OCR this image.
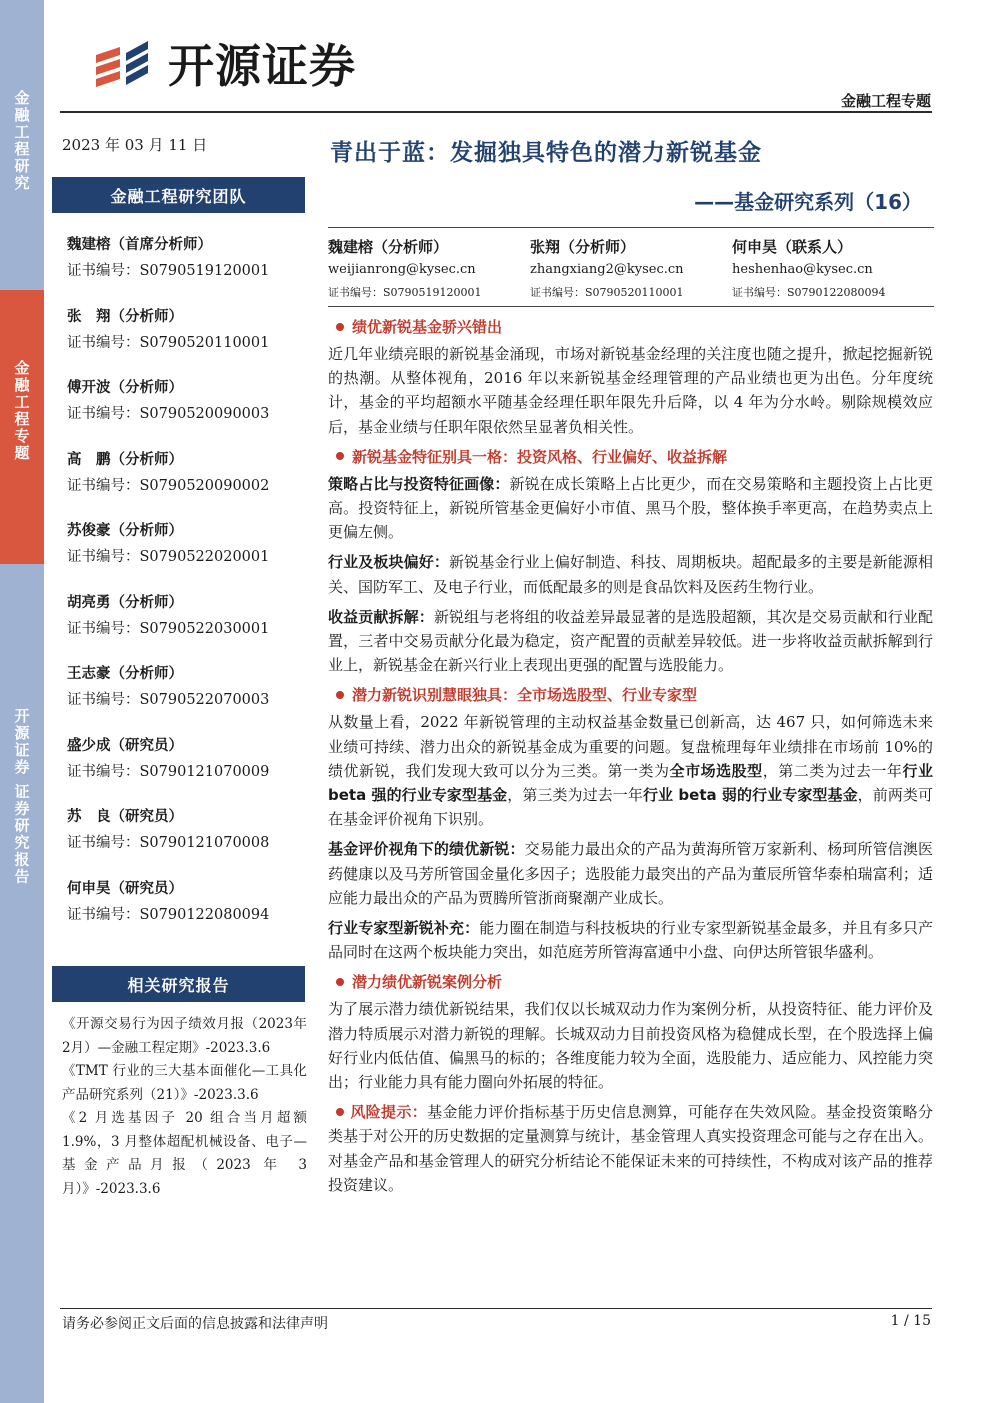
金融工程研究
金融工程专题
开源证券 证券研究报告
开源证券
金融工程专题
2023 年 03 月 11 日
金融工程研究团队
魏建榕（首席分析师）
证书编号：S0790519120001
张　翔（分析师）
证书编号：S0790520110001
傅开波（分析师）
证书编号：S0790520090003
高　鹏（分析师）
证书编号：S0790520090002
苏俊豪（分析师）
证书编号：S0790522020001
胡亮勇（分析师）
证书编号：S0790522030001
王志豪（分析师）
证书编号：S0790522070003
盛少成（研究员）
证书编号：S0790121070009
苏　良（研究员）
证书编号：S0790121070008
何申昊（研究员）
证书编号：S0790122080094
相关研究报告
《开源交易行为因子绩效月报（2023年2月）—金融工程定期》-2023.3.6
《TMT 行业的三大基本面催化—工具化产品研究系列（21）》-2023.3.6
《2 月选基因子 20 组合当月超额1.9%，3 月整体超配机械设备、电子—基金产品月报（2023 年 3 月）》-2023.3.6
青出于蓝：发掘独具特色的潜力新锐基金
——基金研究系列（16）
魏建榕（分析师）
weijianrong@kysec.cn
证书编号：S0790519120001
张翔（分析师）
zhangxiang2@kysec.cn
证书编号：S0790520110001
何申昊（联系人）
heshenhao@kysec.cn
证书编号：S0790122080094
绩优新锐基金骄兴错出
近几年业绩亮眼的新锐基金涌现，市场对新锐基金经理的关注度也随之提升，掀起挖掘新锐的热潮。从整体视角，2016 年以来新锐基金经理管理的产品业绩也更为出色。分年度统计，基金的平均超额水平随基金经理任职年限先升后降，以 4 年为分水岭。剔除规模效应后，基金业绩与任职年限依然呈显著负相关性。
新锐基金特征别具一格：投资风格、行业偏好、收益拆解
策略占比与投资特征画像：新锐在成长策略上占比更少，而在交易策略和主题投资上占比更高。投资特征上，新锐所管基金更偏好小市值、黑马个股，整体换手率更高，在趋势卖点上更偏左侧。
行业及板块偏好：新锐基金行业上偏好制造、科技、周期板块。超配最多的主要是新能源相关、国防军工、及电子行业，而低配最多的则是食品饮料及医药生物行业。
收益贡献拆解：新锐组与老将组的收益差异最显著的是选股超额，其次是交易贡献和行业配置，三者中交易贡献分化最为稳定，资产配置的贡献差异较低。进一步将收益贡献拆解到行业上，新锐基金在新兴行业上表现出更强的配置与选股能力。
潜力新锐识别慧眼独具：全市场选股型、行业专家型
从数量上看，2022 年新锐管理的主动权益基金数量已创新高，达 467 只，如何筛选未来业绩可持续、潜力出众的新锐基金成为重要的问题。复盘梳理每年业绩排在市场前 10%的绩优新锐，我们发现大致可以分为三类。第一类为全市场选股型，第二类为过去一年行业 beta 强的行业专家型基金，第三类为过去一年行业 beta 弱的行业专家型基金，前两类可在基金评价视角下识别。
基金评价视角下的绩优新锐：交易能力最出众的产品为黄海所管万家新利、杨珂所管信澳医药健康以及马芳所管国金量化多因子；选股能力最突出的产品为董辰所管华泰柏瑞富利；适应能力最出众的产品为贾腾所管浙商聚潮产业成长。
行业专家型新锐补充：能力圈在制造与科技板块的行业专家型新锐基金最多，并且有多只产品同时在这两个板块能力突出，如范庭芳所管海富通中小盘、向伊达所管银华盛利。
潜力绩优新锐案例分析
为了展示潜力绩优新锐结果，我们仅以长城双动力作为案例分析，从投资特征、能力评价及潜力特质展示对潜力新锐的理解。长城双动力目前投资风格为稳健成长型，在个股选择上偏好行业内低估值、偏黑马的标的；各维度能力较为全面，选股能力、适应能力、风控能力突出；行业能力具有能力圈向外拓展的特征。
风险提示：基金能力评价指标基于历史信息测算，可能存在失效风险。基金投资策略分类基于对公开的历史数据的定量测算与统计，基金管理人真实投资理念可能与之存在出入。对基金产品和基金管理人的研究分析结论不能保证未来的可持续性，不构成对该产品的推荐投资建议。
请务必参阅正文后面的信息披露和法律声明	1 / 15
